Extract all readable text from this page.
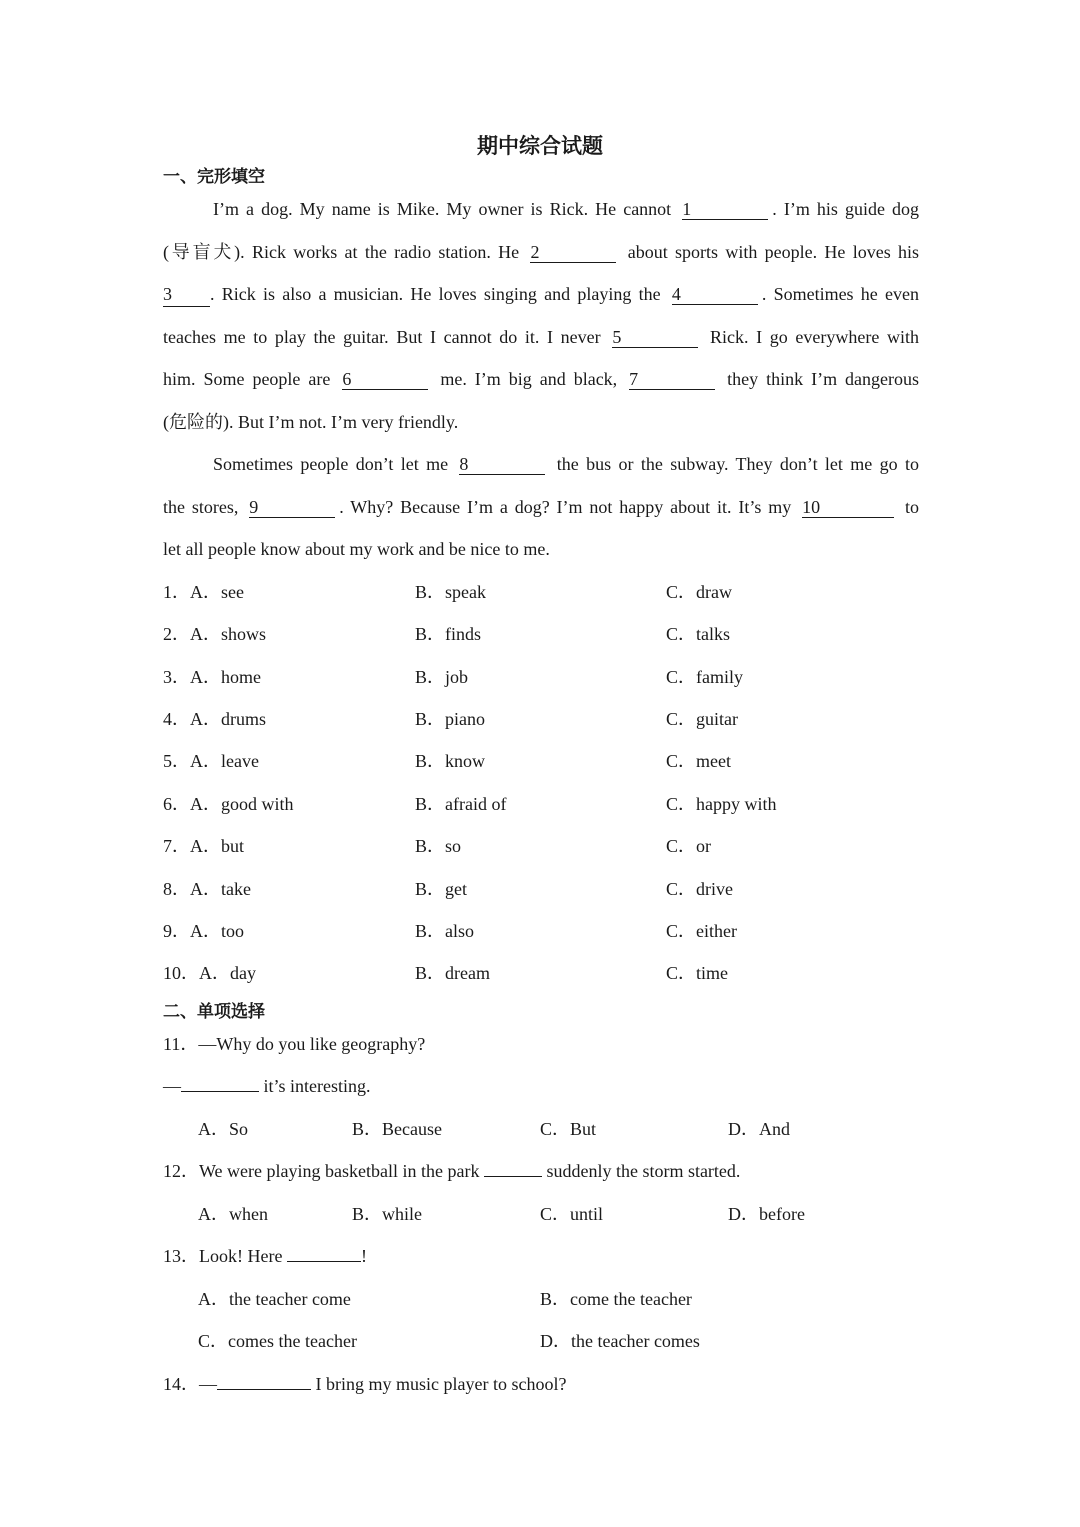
期中综合试题
一、完形填空
I’m a dog. My name is Mike. My owner is Rick. He cannot 1	. I’m his guide dog
(导盲犬). Rick works at the radio station. He 2	about sports with people. He loves his
3 . Rick is also a musician. He loves singing and playing the 4	. Sometimes he even
teaches me to play the guitar. But I cannot do it. I never 5	Rick. I go everywhere with
him. Some people are 6	me. I’m big and black, 7	they think I’m dangerous
(危险的). But I’m not. I’m very friendly.
Sometimes people don’t let me 8	the bus or the subway. They don’t let me go to
the stores, 9	. Why? Because I’m a dog? I’m not happy about it. It’s my 10	to
let all people know about my work and be nice to me.
1．A．see	B．speak	C．draw
2．A．shows	B．finds	C．talks
3．A．home	B．job	C．family
4．A．drums	B．piano	C．guitar
5．A．leave	B．know	C．meet
6．A．good with	B．afraid of	C．happy with
7．A．but	B．so	C．or
8．A．take	B．get	C．drive
9．A．too	B．also	C．either
10．A．day	B．dream	C．time
二、单项选择
11．—Why do you like geography?
—	it’s interesting.
A．So	B．Because	C．But	D．And
12．We were playing basketball in the park	suddenly the storm started.
A．when	B．while	C．until	D．before
13．Look! Here	!
A．the teacher come	B．come the teacher
C．comes the teacher	D．the teacher comes
14．—	I bring my music player to school?
